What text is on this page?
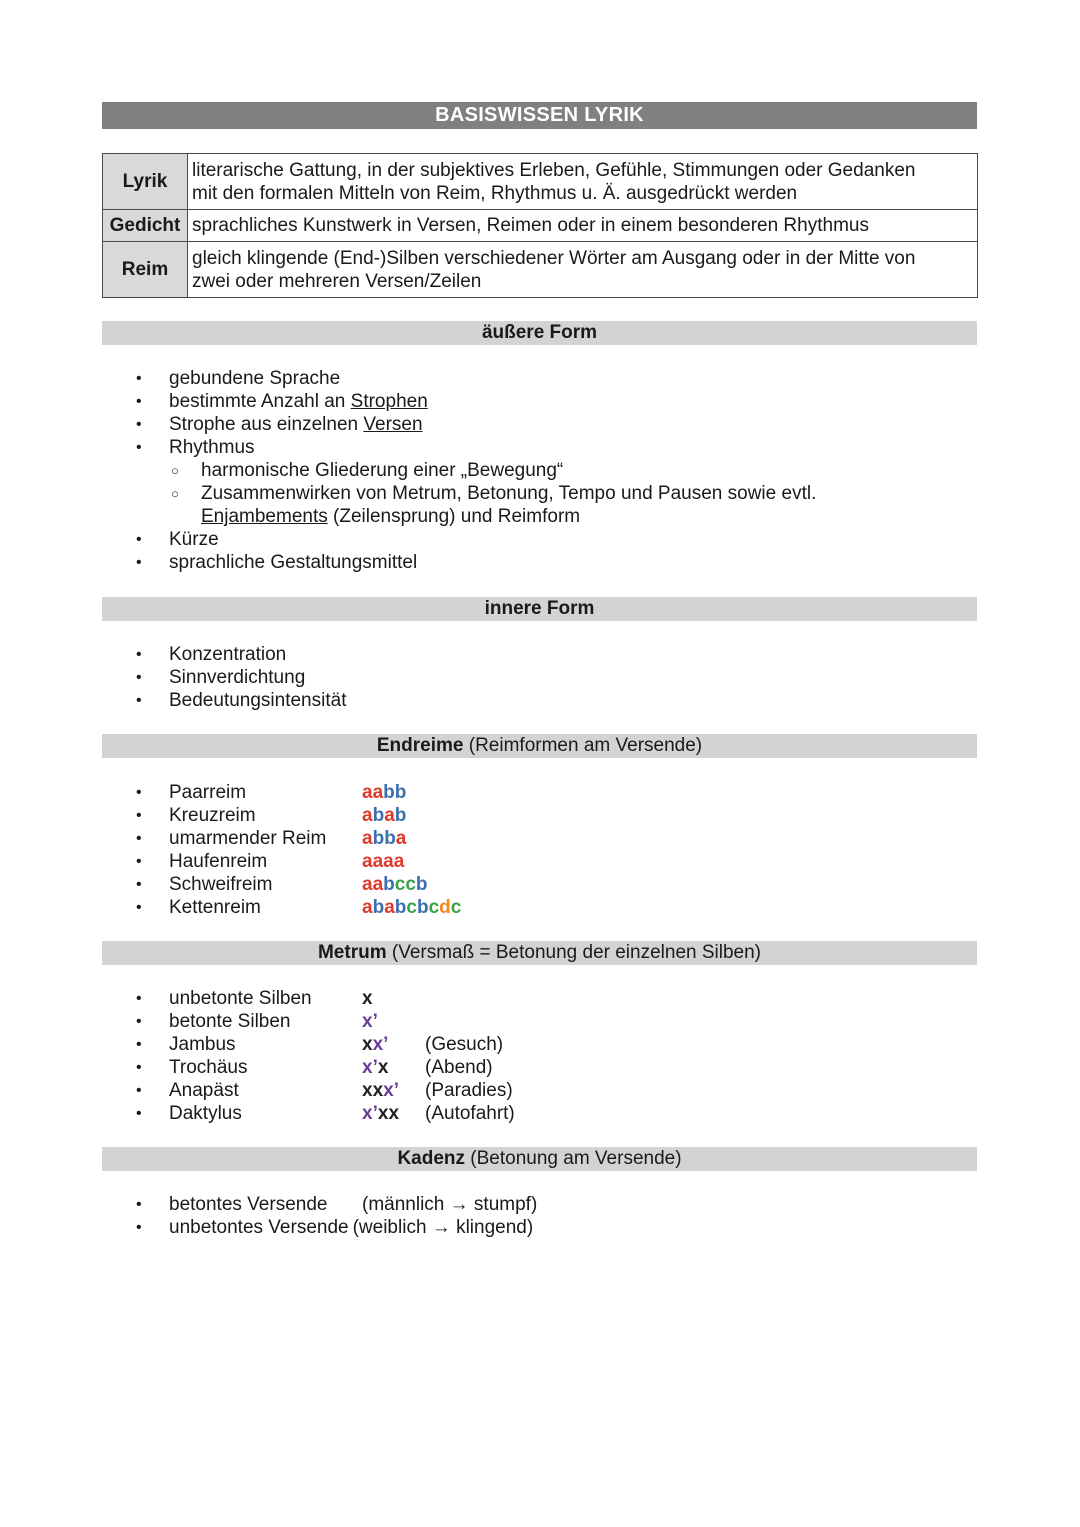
BASISWISSEN LYRIK
Lyrik	literarische Gattung, in der subjektives Erleben, Gefühle, Stimmungen oder Gedanken
mit den formalen Mitteln von Reim, Rhythmus u. Ä. ausgedrückt werden
Gedicht	sprachliches Kunstwerk in Versen, Reimen oder in einem besonderen Rhythmus
Reim	gleich klingende (End-)Silben verschiedener Wörter am Ausgang oder in der Mitte von
zwei oder mehreren Versen/Zeilen
äußere Form
• gebundene Sprache
• bestimmte Anzahl an Strophen
• Strophe aus einzelnen Versen
• Rhythmus
○ harmonische Gliederung einer „Bewegung“
○ Zusammenwirken von Metrum, Betonung, Tempo und Pausen sowie evtl.
Enjambements (Zeilensprung) und Reimform
• Kürze
• sprachliche Gestaltungsmittel
innere Form
• Konzentration
• Sinnverdichtung
• Bedeutungsintensität
Endreime (Reimformen am Versende)
• Paarreim	aabb
• Kreuzreim	abab
• umarmender Reim abba
• Haufenreim	aaaa
• Schweifreim	aabccb
• Kettenreim	ababcbcdc
Metrum (Versmaß = Betonung der einzelnen Silben)
• unbetonte Silben	x
• betonte Silben	x’
• Jambus	xx’ (Gesuch)
• Trochäus	x’x (Abend)
• Anapäst	xxx’ (Paradies)
• Daktylus	x’xx (Autofahrt)
Kadenz (Betonung am Versende)
• betontes Versende (männlich → stumpf)
• unbetontes Versende (weiblich → klingend)
